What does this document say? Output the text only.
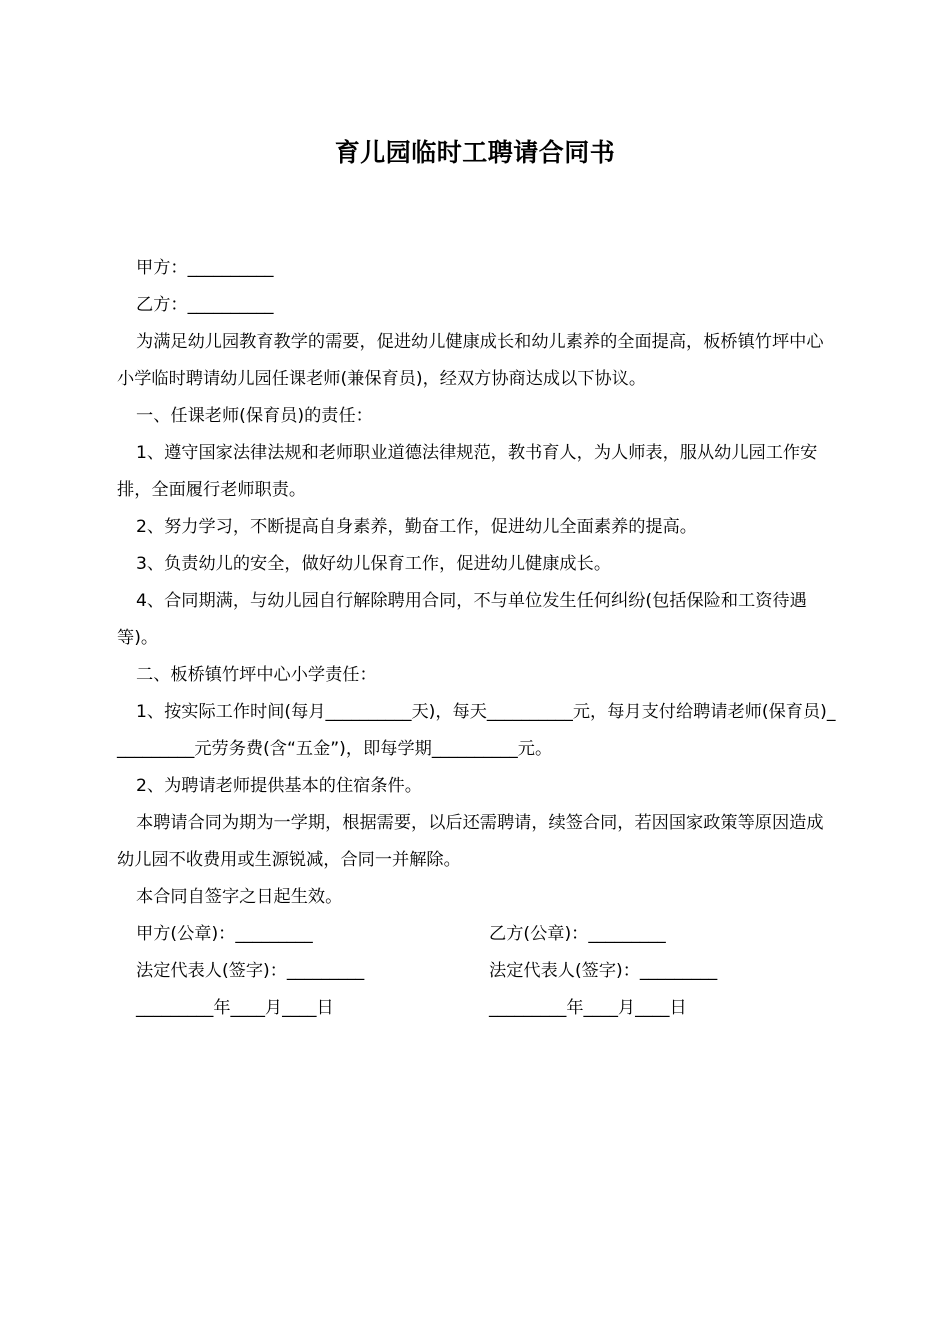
育儿园临时工聘请合同书

甲方：__________

乙方：__________

为满足幼儿园教育教学的需要，促进幼儿健康成长和幼儿素养的全面提高，板桥镇竹坪中心小学临时聘请幼儿园任课老师(兼保育员)，经双方协商达成以下协议。

一、任课老师(保育员)的责任：

1、遵守国家法律法规和老师职业道德法律规范，教书育人，为人师表，服从幼儿园工作安排，全面履行老师职责。

2、努力学习，不断提高自身素养，勤奋工作，促进幼儿全面素养的提高。

3、负责幼儿的安全，做好幼儿保育工作，促进幼儿健康成长。

4、合同期满，与幼儿园自行解除聘用合同，不与单位发生任何纠纷(包括保险和工资待遇等)。

二、板桥镇竹坪中心小学责任：

1、按实际工作时间(每月__________天)，每天__________元，每月支付给聘请老师(保育员)__________元劳务费(含“五金”)，即每学期__________元。

2、为聘请老师提供基本的住宿条件。

本聘请合同为期为一学期，根据需要，以后还需聘请，续签合同，若因国家政策等原因造成幼儿园不收费用或生源锐减，合同一并解除。

本合同自签字之日起生效。

甲方(公章)：_________	乙方(公章)：_________
法定代表人(签字)：_________	法定代表人(签字)：_________
_________年____月____日	_________年____月____日
